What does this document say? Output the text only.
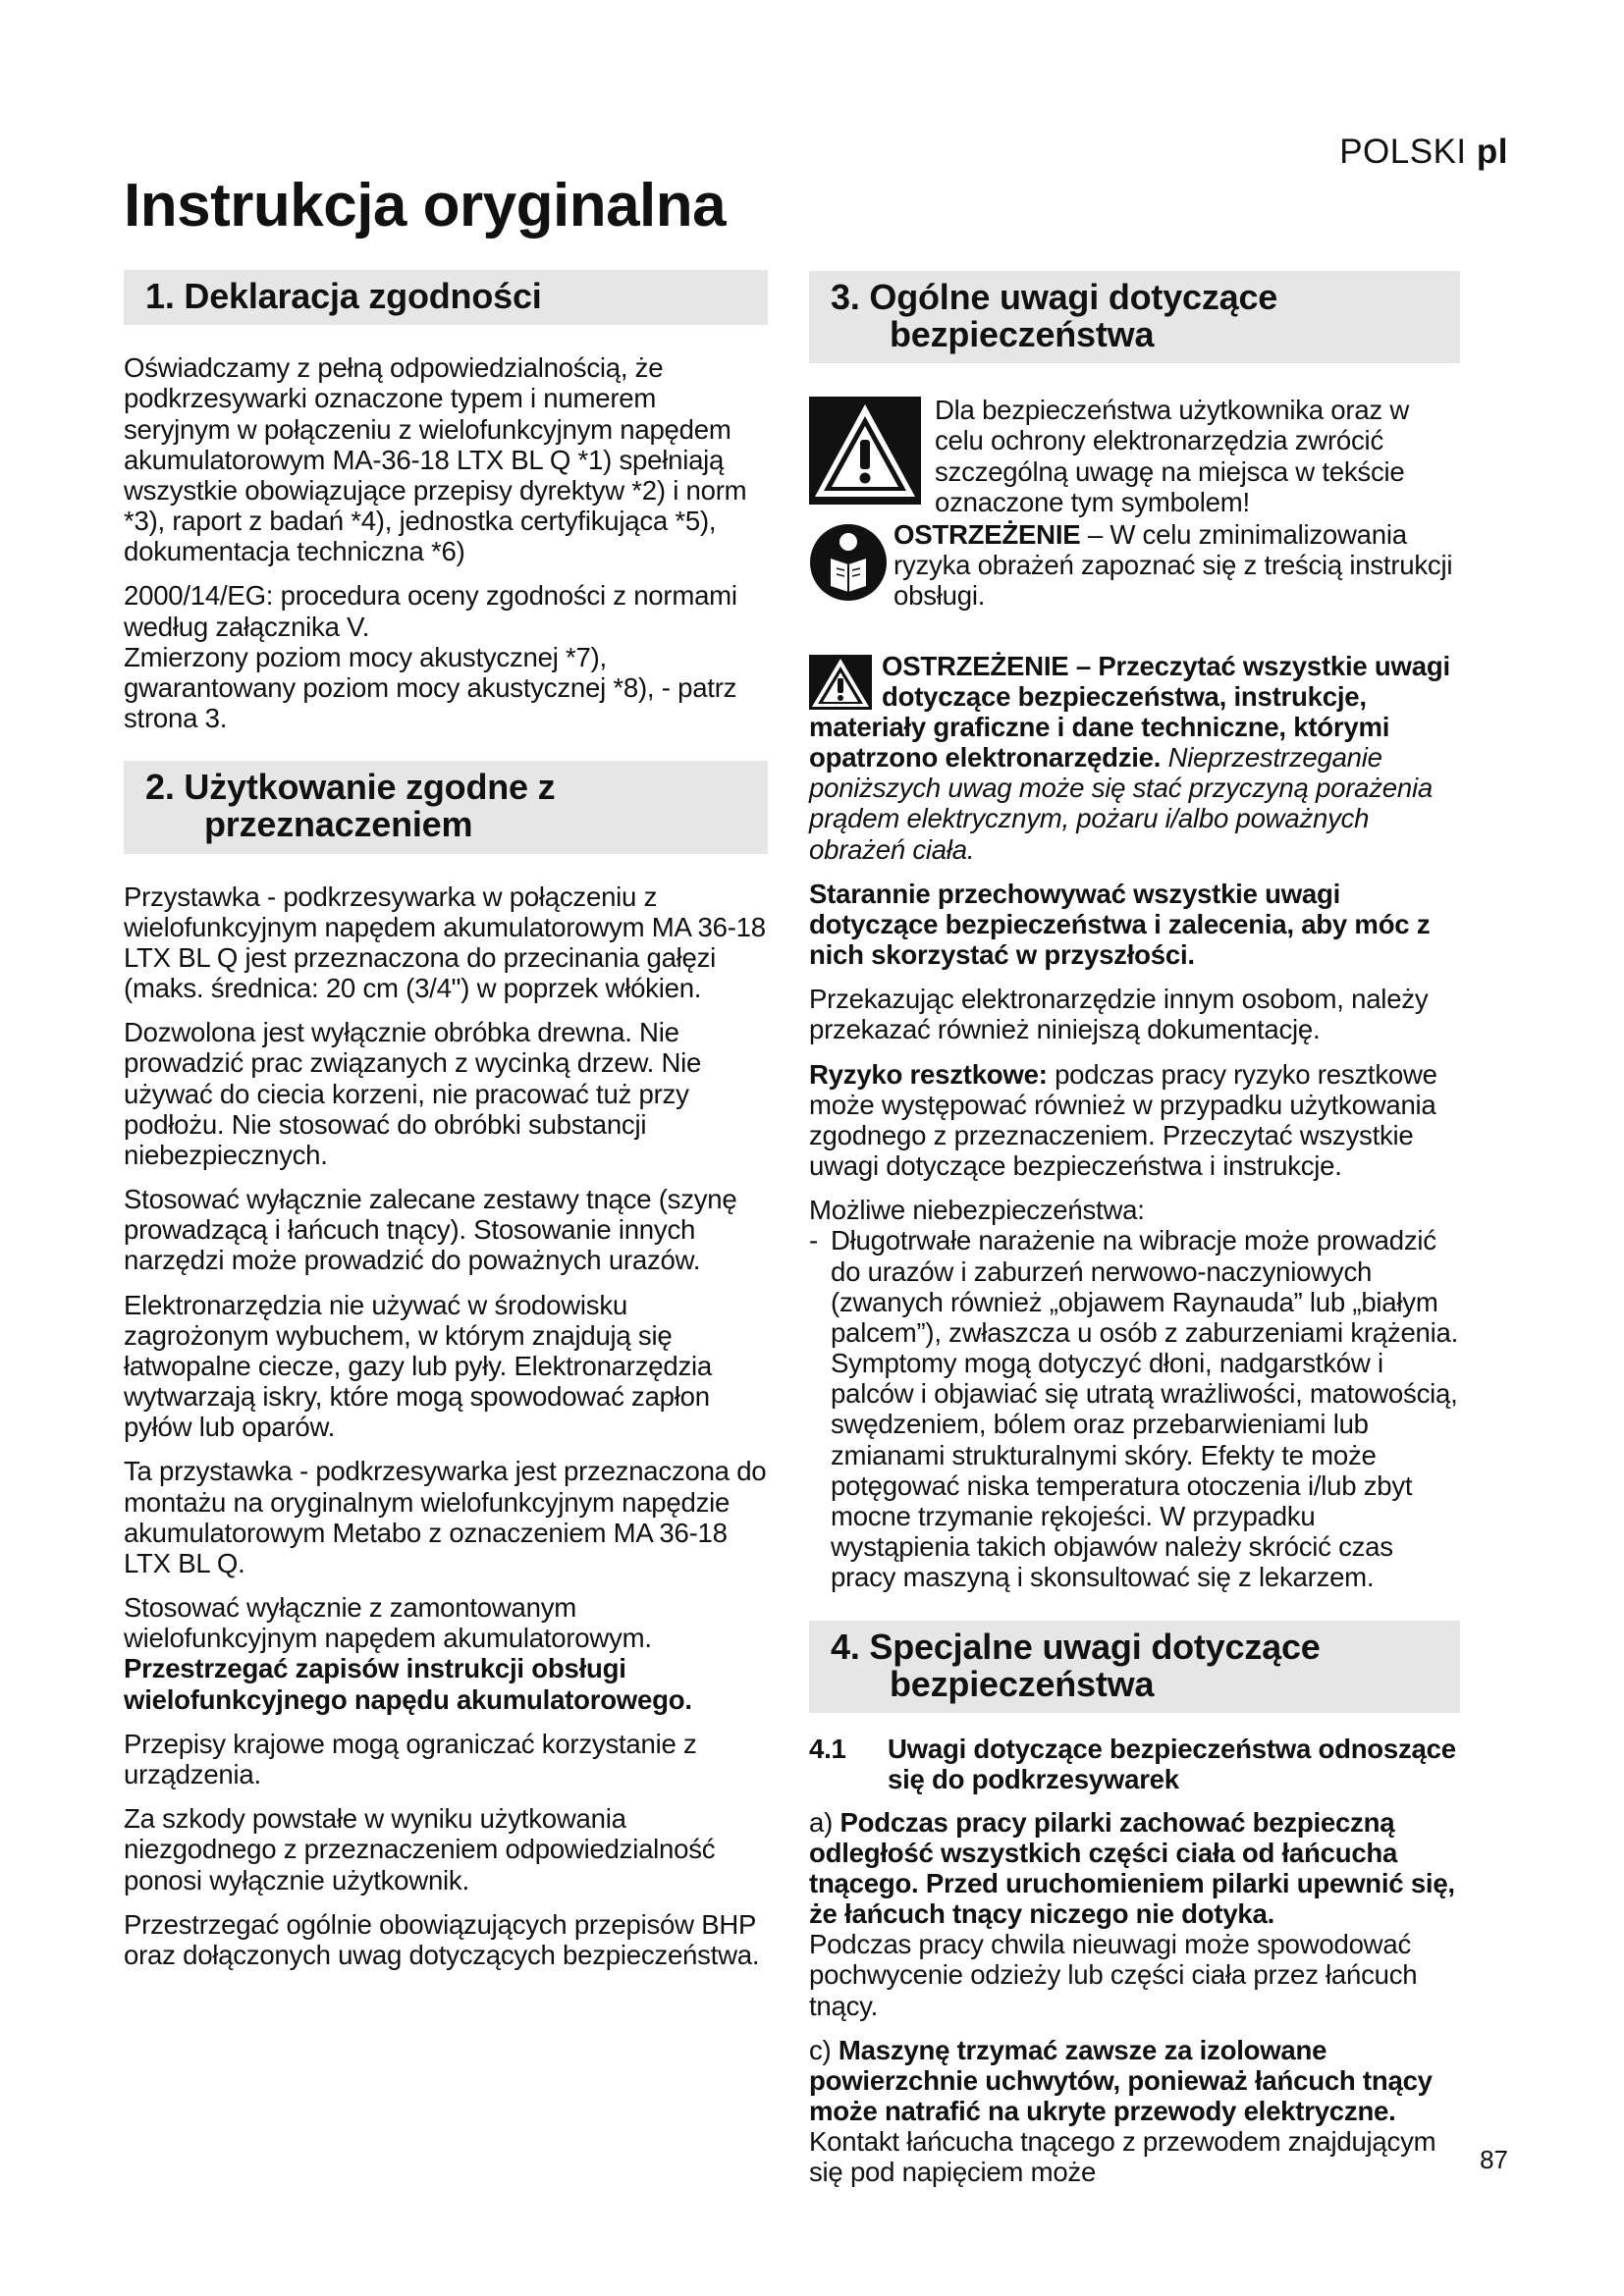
POLSKI pl
Instrukcja oryginalna
1. Deklaracja zgodności

Oświadczamy z pełną odpowiedzialnością, że podkrzesywarki oznaczone typem i numerem seryjnym w połączeniu z wielofunkcyjnym napędem akumulatorowym MA-36-18 LTX BL Q *1) spełniają wszystkie obowiązujące przepisy dyrektyw *2) i norm *3), raport z badań *4), jednostka certyfikująca *5), dokumentacja techniczna *6)

2000/14/EG: procedura oceny zgodności z normami według załącznika V.

Zmierzony poziom mocy akustycznej *7), gwarantowany poziom mocy akustycznej *8), - patrz strona 3.

2. Użytkowanie zgodne z
przeznaczeniem

Przystawka - podkrzesywarka w połączeniu z wielofunkcyjnym napędem akumulatorowym MA 36-18 LTX BL Q jest przeznaczona do przecinania gałęzi (maks. średnica: 20 cm (3/4") w poprzek włókien.

Dozwolona jest wyłącznie obróbka drewna. Nie prowadzić prac związanych z wycinką drzew. Nie używać do ciecia korzeni, nie pracować tuż przy podłożu. Nie stosować do obróbki substancji niebezpiecznych.

Stosować wyłącznie zalecane zestawy tnące (szynę prowadzącą i łańcuch tnący). Stosowanie innych narzędzi może prowadzić do poważnych urazów.

Elektronarzędzia nie używać w środowisku zagrożonym wybuchem, w którym znajdują się łatwopalne ciecze, gazy lub pyły. Elektronarzędzia wytwarzają iskry, które mogą spowodować zapłon pyłów lub oparów.

Ta przystawka - podkrzesywarka jest przeznaczona do montażu na oryginalnym wielofunkcyjnym napędzie akumulatorowym Metabo z oznaczeniem MA 36-18 LTX BL Q.

Stosować wyłącznie z zamontowanym wielofunkcyjnym napędem akumulatorowym.
Przestrzegać zapisów instrukcji obsługi wielofunkcyjnego napędu akumulatorowego.

Przepisy krajowe mogą ograniczać korzystanie z urządzenia.

Za szkody powstałe w wyniku użytkowania niezgodnego z przeznaczeniem odpowiedzialność ponosi wyłącznie użytkownik.

Przestrzegać ogólnie obowiązujących przepisów BHP oraz dołączonych uwag dotyczących bezpieczeństwa.

3. Ogólne uwagi dotyczące
bezpieczeństwa
Dla bezpieczeństwa użytkownika oraz w celu ochrony elektronarzędzia zwrócić szczególną uwagę na miejsca w tekście oznaczone tym symbolem!
OSTRZEŻENIE – W celu zminimalizowania ryzyka obrażeń zapoznać się z treścią instrukcji obsługi.

OSTRZEŻENIE – Przeczytać wszystkie uwagi dotyczące bezpieczeństwa, instrukcje, materiały graficzne i dane techniczne, którymi opatrzono elektronarzędzie. Nieprzestrzeganie poniższych uwag może się stać przyczyną porażenia prądem elektrycznym, pożaru i/albo poważnych obrażeń ciała.

Starannie przechowywać wszystkie uwagi dotyczące bezpieczeństwa i zalecenia, aby móc z nich skorzystać w przyszłości.

Przekazując elektronarzędzie innym osobom, należy przekazać również niniejszą dokumentację.

Ryzyko resztkowe: podczas pracy ryzyko resztkowe może występować również w przypadku użytkowania zgodnego z przeznaczeniem. Przeczytać wszystkie uwagi dotyczące bezpieczeństwa i instrukcje.

Możliwe niebezpieczeństwa:

- Długotrwałe narażenie na wibracje może prowadzić do urazów i zaburzeń nerwowo-naczyniowych (zwanych również „objawem Raynauda” lub „białym palcem”), zwłaszcza u osób z zaburzeniami krążenia. Symptomy mogą dotyczyć dłoni, nadgarstków i palców i objawiać się utratą wrażliwości, matowością, swędzeniem, bólem oraz przebarwieniami lub zmianami strukturalnymi skóry. Efekty te może potęgować niska temperatura otoczenia i/lub zbyt mocne trzymanie rękojeści. W przypadku wystąpienia takich objawów należy skrócić czas pracy maszyną i skonsultować się z lekarzem.
4. Specjalne uwagi dotyczące
bezpieczeństwa
4.1	Uwagi dotyczące bezpieczeństwa odnoszące się do podkrzesywarek

a) Podczas pracy pilarki zachować bezpieczną odległość wszystkich części ciała od łańcucha tnącego. Przed uruchomieniem pilarki upewnić się, że łańcuch tnący niczego nie dotyka.

Podczas pracy chwila nieuwagi może spowodować pochwycenie odzieży lub części ciała przez łańcuch tnący.

c) Maszynę trzymać zawsze za izolowane powierzchnie uchwytów, ponieważ łańcuch tnący może natrafić na ukryte przewody elektryczne. Kontakt łańcucha tnącego z przewodem znajdującym się pod napięciem może	87
